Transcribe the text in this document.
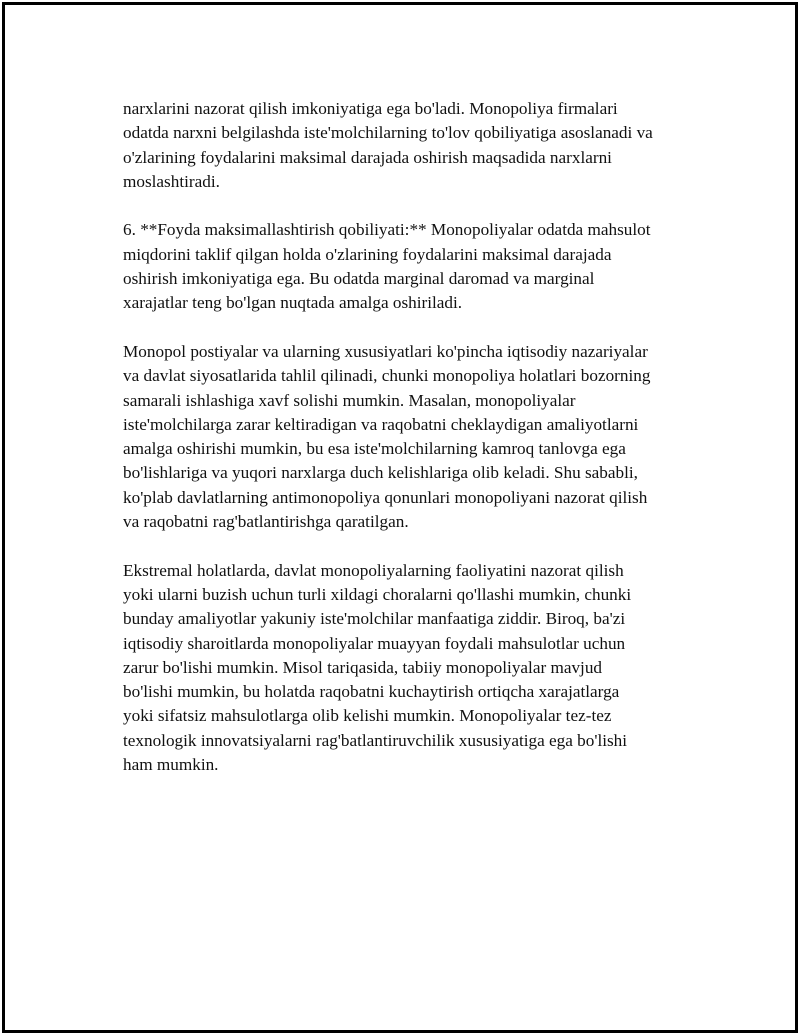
narxlarini nazorat qilish imkoniyatiga ega bo'ladi. Monopoliya firmalari
odatda narxni belgilashda iste'molchilarning to'lov qobiliyatiga asoslanadi va
o'zlarining foydalarini maksimal darajada oshirish maqsadida narxlarni
moslashtiradi.

6. **Foyda maksimallashtirish qobiliyati:** Monopoliyalar odatda mahsulot
miqdorini taklif qilgan holda o'zlarining foydalarini maksimal darajada
oshirish imkoniyatiga ega. Bu odatda marginal daromad va marginal
xarajatlar teng bo'lgan nuqtada amalga oshiriladi.

Monopol postiyalar va ularning xususiyatlari ko'pincha iqtisodiy nazariyalar
va davlat siyosatlarida tahlil qilinadi, chunki monopoliya holatlari bozorning
samarali ishlashiga xavf solishi mumkin. Masalan, monopoliyalar
iste'molchilarga zarar keltiradigan va raqobatni cheklaydigan amaliyotlarni
amalga oshirishi mumkin, bu esa iste'molchilarning kamroq tanlovga ega
bo'lishlariga va yuqori narxlarga duch kelishlariga olib keladi. Shu sababli,
ko'plab davlatlarning antimonopoliya qonunlari monopoliyani nazorat qilish
va raqobatni rag'batlantirishga qaratilgan.

Ekstremal holatlarda, davlat monopoliyalarning faoliyatini nazorat qilish
yoki ularni buzish uchun turli xildagi choralarni qo'llashi mumkin, chunki
bunday amaliyotlar yakuniy iste'molchilar manfaatiga ziddir. Biroq, ba'zi
iqtisodiy sharoitlarda monopoliyalar muayyan foydali mahsulotlar uchun
zarur bo'lishi mumkin. Misol tariqasida, tabiiy monopoliyalar mavjud
bo'lishi mumkin, bu holatda raqobatni kuchaytirish ortiqcha xarajatlarga
yoki sifatsiz mahsulotlarga olib kelishi mumkin. Monopoliyalar tez-tez
texnologik innovatsiyalarni rag'batlantiruvchilik xususiyatiga ega bo'lishi
ham mumkin.
